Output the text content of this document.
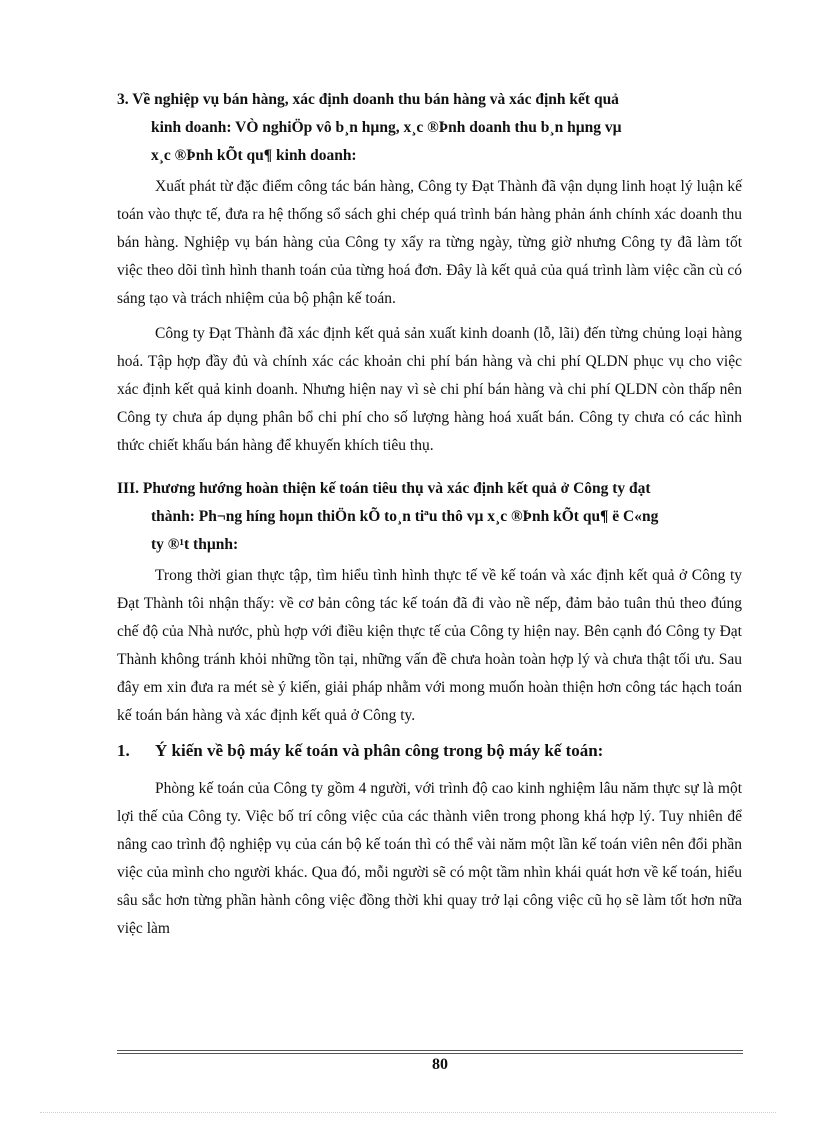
3. Về nghiệp vụ bán hàng, xác định doanh thu bán hàng và xác định kết quả

kinh doanh: VÒ nghiÖp vô b¸n hµng, x¸c ®Þnh doanh thu b¸n hµng vµ

x¸c ®Þnh kÕt qu¶ kinh doanh:

Xuất phát từ đặc điểm công tác bán hàng, Công ty Đạt Thành đã vận dụng linh hoạt lý luận kế toán vào thực tế, đưa ra hệ thống sổ sách ghi chép quá trình bán hàng phản ánh chính xác doanh thu bán hàng. Nghiệp vụ bán hàng của Công ty xẩy ra từng ngày, từng giờ nhưng Công ty đã làm tốt việc theo dõi tình hình thanh toán của từng hoá đơn. Đây là kết quả của quá trình làm việc cần cù có sáng tạo và trách nhiệm của bộ phận kế toán.

Công ty Đạt Thành đã xác định kết quả sản xuất kinh doanh (lỗ, lãi) đến từng chủng loại hàng hoá. Tập hợp đầy đủ và chính xác các khoản chi phí bán hàng và chi phí QLDN phục vụ cho việc xác định kết quả kinh doanh. Nhưng hiện nay vì sè chi phí bán hàng và chi phí QLDN còn thấp nên Công ty chưa áp dụng phân bổ chi phí cho số lượng hàng hoá xuất bán. Công ty chưa có các hình thức chiết khấu bán hàng để khuyến khích tiêu thụ.

III. Phương hướng hoàn thiện kế toán tiêu thụ và xác định kết quả ở Công ty đạt

thành: Ph¬ng híng hoµn thiÖn kÕ to¸n tiªu thô vµ x¸c ®Þnh kÕt qu¶ ë C«ng

ty ®¹t thµnh:

Trong thời gian thực tập, tìm hiểu tình hình thực tế về kế toán và xác định kết quả ở Công ty Đạt Thành tôi nhận thấy: về cơ bản công tác kế toán đã đi vào nề nếp, đảm bảo tuân thủ theo đúng chế độ của Nhà nước, phù hợp với điều kiện thực tế của Công ty hiện nay. Bên cạnh đó Công ty Đạt Thành không tránh khỏi những tồn tại, những vấn đề chưa hoàn toàn hợp lý và chưa thật tối ưu. Sau đây em xin đưa ra mét sè ý kiến, giải pháp nhằm với mong muốn hoàn thiện hơn công tác hạch toán kế toán bán hàng và xác định kết quả ở Công ty.

1. Ý kiến về bộ máy kế toán và phân công trong bộ máy kế toán:

Phòng kế toán của Công ty gồm 4 người, với trình độ cao kinh nghiệm lâu năm thực sự là một lợi thế của Công ty. Việc bố trí công việc của các thành viên trong phong khá hợp lý. Tuy nhiên để nâng cao trình độ nghiệp vụ của cán bộ kế toán thì có thể vài năm một lần kế toán viên nên đổi phần việc của mình cho người khác. Qua đó, mỗi người sẽ có một tầm nhìn khái quát hơn về kế toán, hiểu sâu sắc hơn từng phần hành công việc đồng thời khi quay trở lại công việc cũ họ sẽ làm tốt hơn nữa việc làm

80
